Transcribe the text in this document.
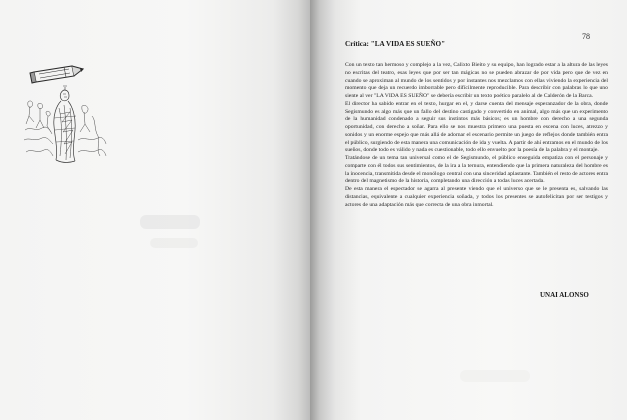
78

Crítica: "LA VIDA ES SUEÑO"

Con un texto tan hermoso y complejo a la vez, Calixto Bieito y su equipo, han logrado estar a la altura de las leyes no escritas del teatro, esas leyes que por ser tan mágicas no se pueden abrazar de por vida pero que de vez en cuando se aproximan al mundo de los sentidos y por instantes nos mezclamos con ellas viviendo la experiencia del momento que deja un recuerdo imborrable pero difícilmente reproducible. Para describir con palabras lo que uno siente al ver "LA VIDA ES SUEÑO" se debería escribir un texto poético paralelo al de Calderón de la Barca.

El director ha sabido entrar en el texto, hurgar en el, y darse cuenta del mensaje esperanzador de la obra, donde Segismundo es algo más que un fallo del destino castigado y convertido en animal, algo más que un experimento de la humanidad condenado a seguir sus instintos más básicos; es un hombre con derecho a una segunda oportunidad, con derecho a soñar. Para ello se nos muestra primero una puesta en escena con luces, atrezzo y sonidos y un enorme espejo que más allá de adornar el escenario permite un juego de reflejos donde también entra el público, surgiendo de esta manera una comunicación de ida y vuelta. A partir de ahí entramos en el mundo de los sueños, donde todo es válido y nada es cuestionable, todo ello envuelto por la poesía de la palabra y el montaje.

Tratándose de un tema tan universal como el de Segismundo, el público enseguida empatiza con el personaje y comparte con él todos sus sentimientos, de la ira a la ternura, entendiendo que la primera naturaleza del hombre es la inocencia, transmitida desde el monólogo central con una sinceridad aplastante. También el resto de actores entra dentro del magnetismo de la historia, completando una dirección a todas luces acertada.

De esta manera el espectador se agarra al presente viendo que el universo que se le presenta es, salvando las distancias, equivalente a cualquier experiencia soñada, y todos los presentes se autofelicitan por ser testigos y actores de una adaptación más que correcta de una obra inmortal.

UNAI ALONSO
